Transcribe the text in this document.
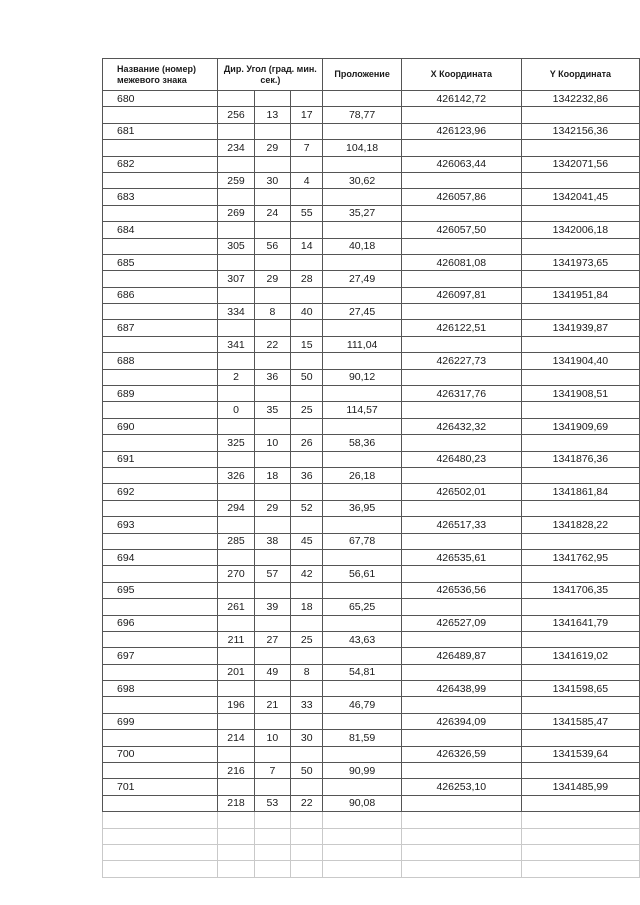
Название (номер) межевого знака	Дир. Угол (град. мин. сек.)			Проложение	X Координата	Y Координата
680					426142,72	1342232,86
	256	13	17	78,77		
681					426123,96	1342156,36
	234	29	7	104,18		
682					426063,44	1342071,56
	259	30	4	30,62		
683					426057,86	1342041,45
	269	24	55	35,27		
684					426057,50	1342006,18
	305	56	14	40,18		
685					426081,08	1341973,65
	307	29	28	27,49		
686					426097,81	1341951,84
	334	8	40	27,45		
687					426122,51	1341939,87
	341	22	15	111,04		
688					426227,73	1341904,40
	2	36	50	90,12		
689					426317,76	1341908,51
	0	35	25	114,57		
690					426432,32	1341909,69
	325	10	26	58,36		
691					426480,23	1341876,36
	326	18	36	26,18		
692					426502,01	1341861,84
	294	29	52	36,95		
693					426517,33	1341828,22
	285	38	45	67,78		
694					426535,61	1341762,95
	270	57	42	56,61		
695					426536,56	1341706,35
	261	39	18	65,25		
696					426527,09	1341641,79
	211	27	25	43,63		
697					426489,87	1341619,02
	201	49	8	54,81		
698					426438,99	1341598,65
	196	21	33	46,79		
699					426394,09	1341585,47
	214	10	30	81,59		
700					426326,59	1341539,64
	216	7	50	90,99		
701					426253,10	1341485,99
	218	53	22	90,08		
